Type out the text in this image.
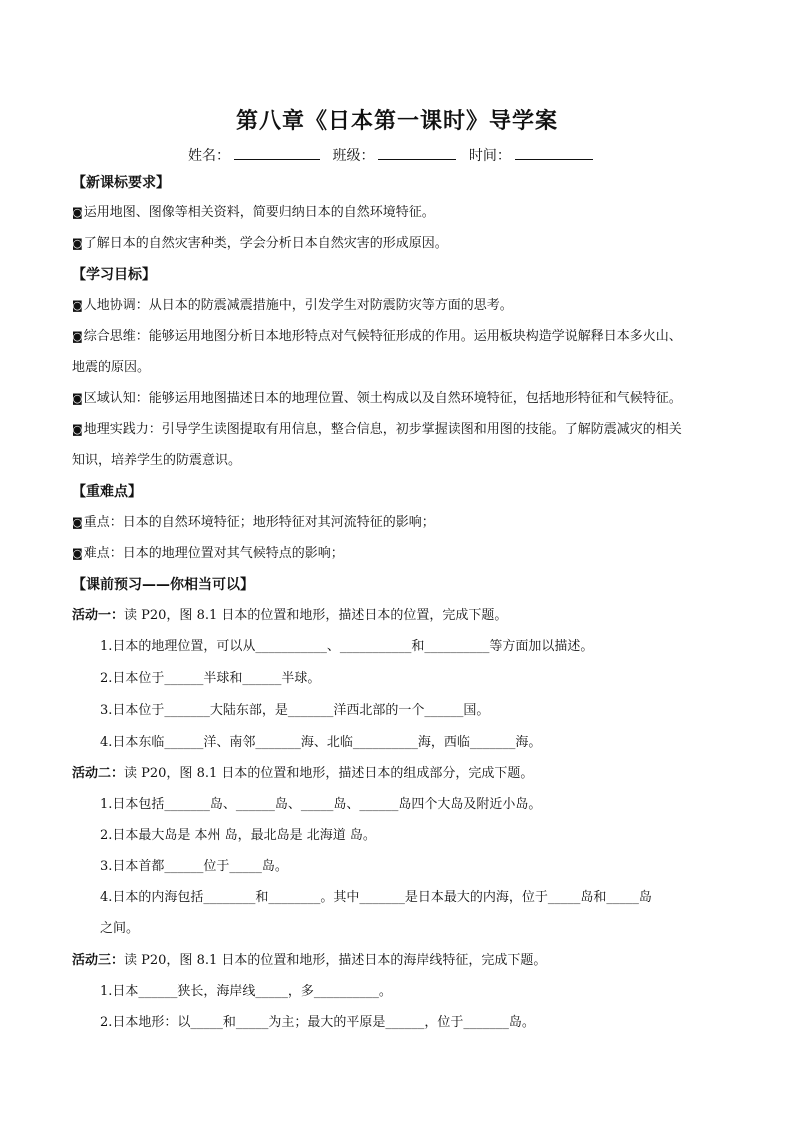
第八章《日本第一课时》导学案
姓名：	班级：	时间：
【新课标要求】
◙运用地图、图像等相关资料，简要归纳日本的自然环境特征。
◙了解日本的自然灾害种类，学会分析日本自然灾害的形成原因。
【学习目标】
◙人地协调：从日本的防震减震措施中，引发学生对防震防灾等方面的思考。
◙综合思维：能够运用地图分析日本地形特点对气候特征形成的作用。运用板块构造学说解释日本多火山、
地震的原因。
◙区域认知：能够运用地图描述日本的地理位置、领土构成以及自然环境特征，包括地形特征和气候特征。
◙地理实践力：引导学生读图提取有用信息，整合信息，初步掌握读图和用图的技能。了解防震减灾的相关
知识，培养学生的防震意识。
【重难点】
◙重点：日本的自然环境特征；地形特征对其河流特征的影响；
◙难点：日本的地理位置对其气候特点的影响；
【课前预习——你相当可以】
活动一：读 P20，图 8.1 日本的位置和地形，描述日本的位置，完成下题。
1.日本的地理位置，可以从___________、___________和__________等方面加以描述。
2.日本位于______半球和______半球。
3.日本位于_______大陆东部，是_______洋西北部的一个______国。
4.日本东临______洋、南邻_______海、北临__________海，西临_______海。
活动二：读 P20，图 8.1 日本的位置和地形，描述日本的组成部分，完成下题。
1.日本包括_______岛、______岛、_____岛、______岛四个大岛及附近小岛。
2.日本最大岛是 本州 岛，最北岛是 北海道 岛。
3.日本首都______位于_____岛。
4.日本的内海包括________和________。其中_______是日本最大的内海，位于_____岛和_____岛
之间。
活动三：读 P20，图 8.1 日本的位置和地形，描述日本的海岸线特征，完成下题。
1.日本______狭长，海岸线_____，多__________。
2.日本地形：以_____和_____为主；最大的平原是______，位于_______岛。
